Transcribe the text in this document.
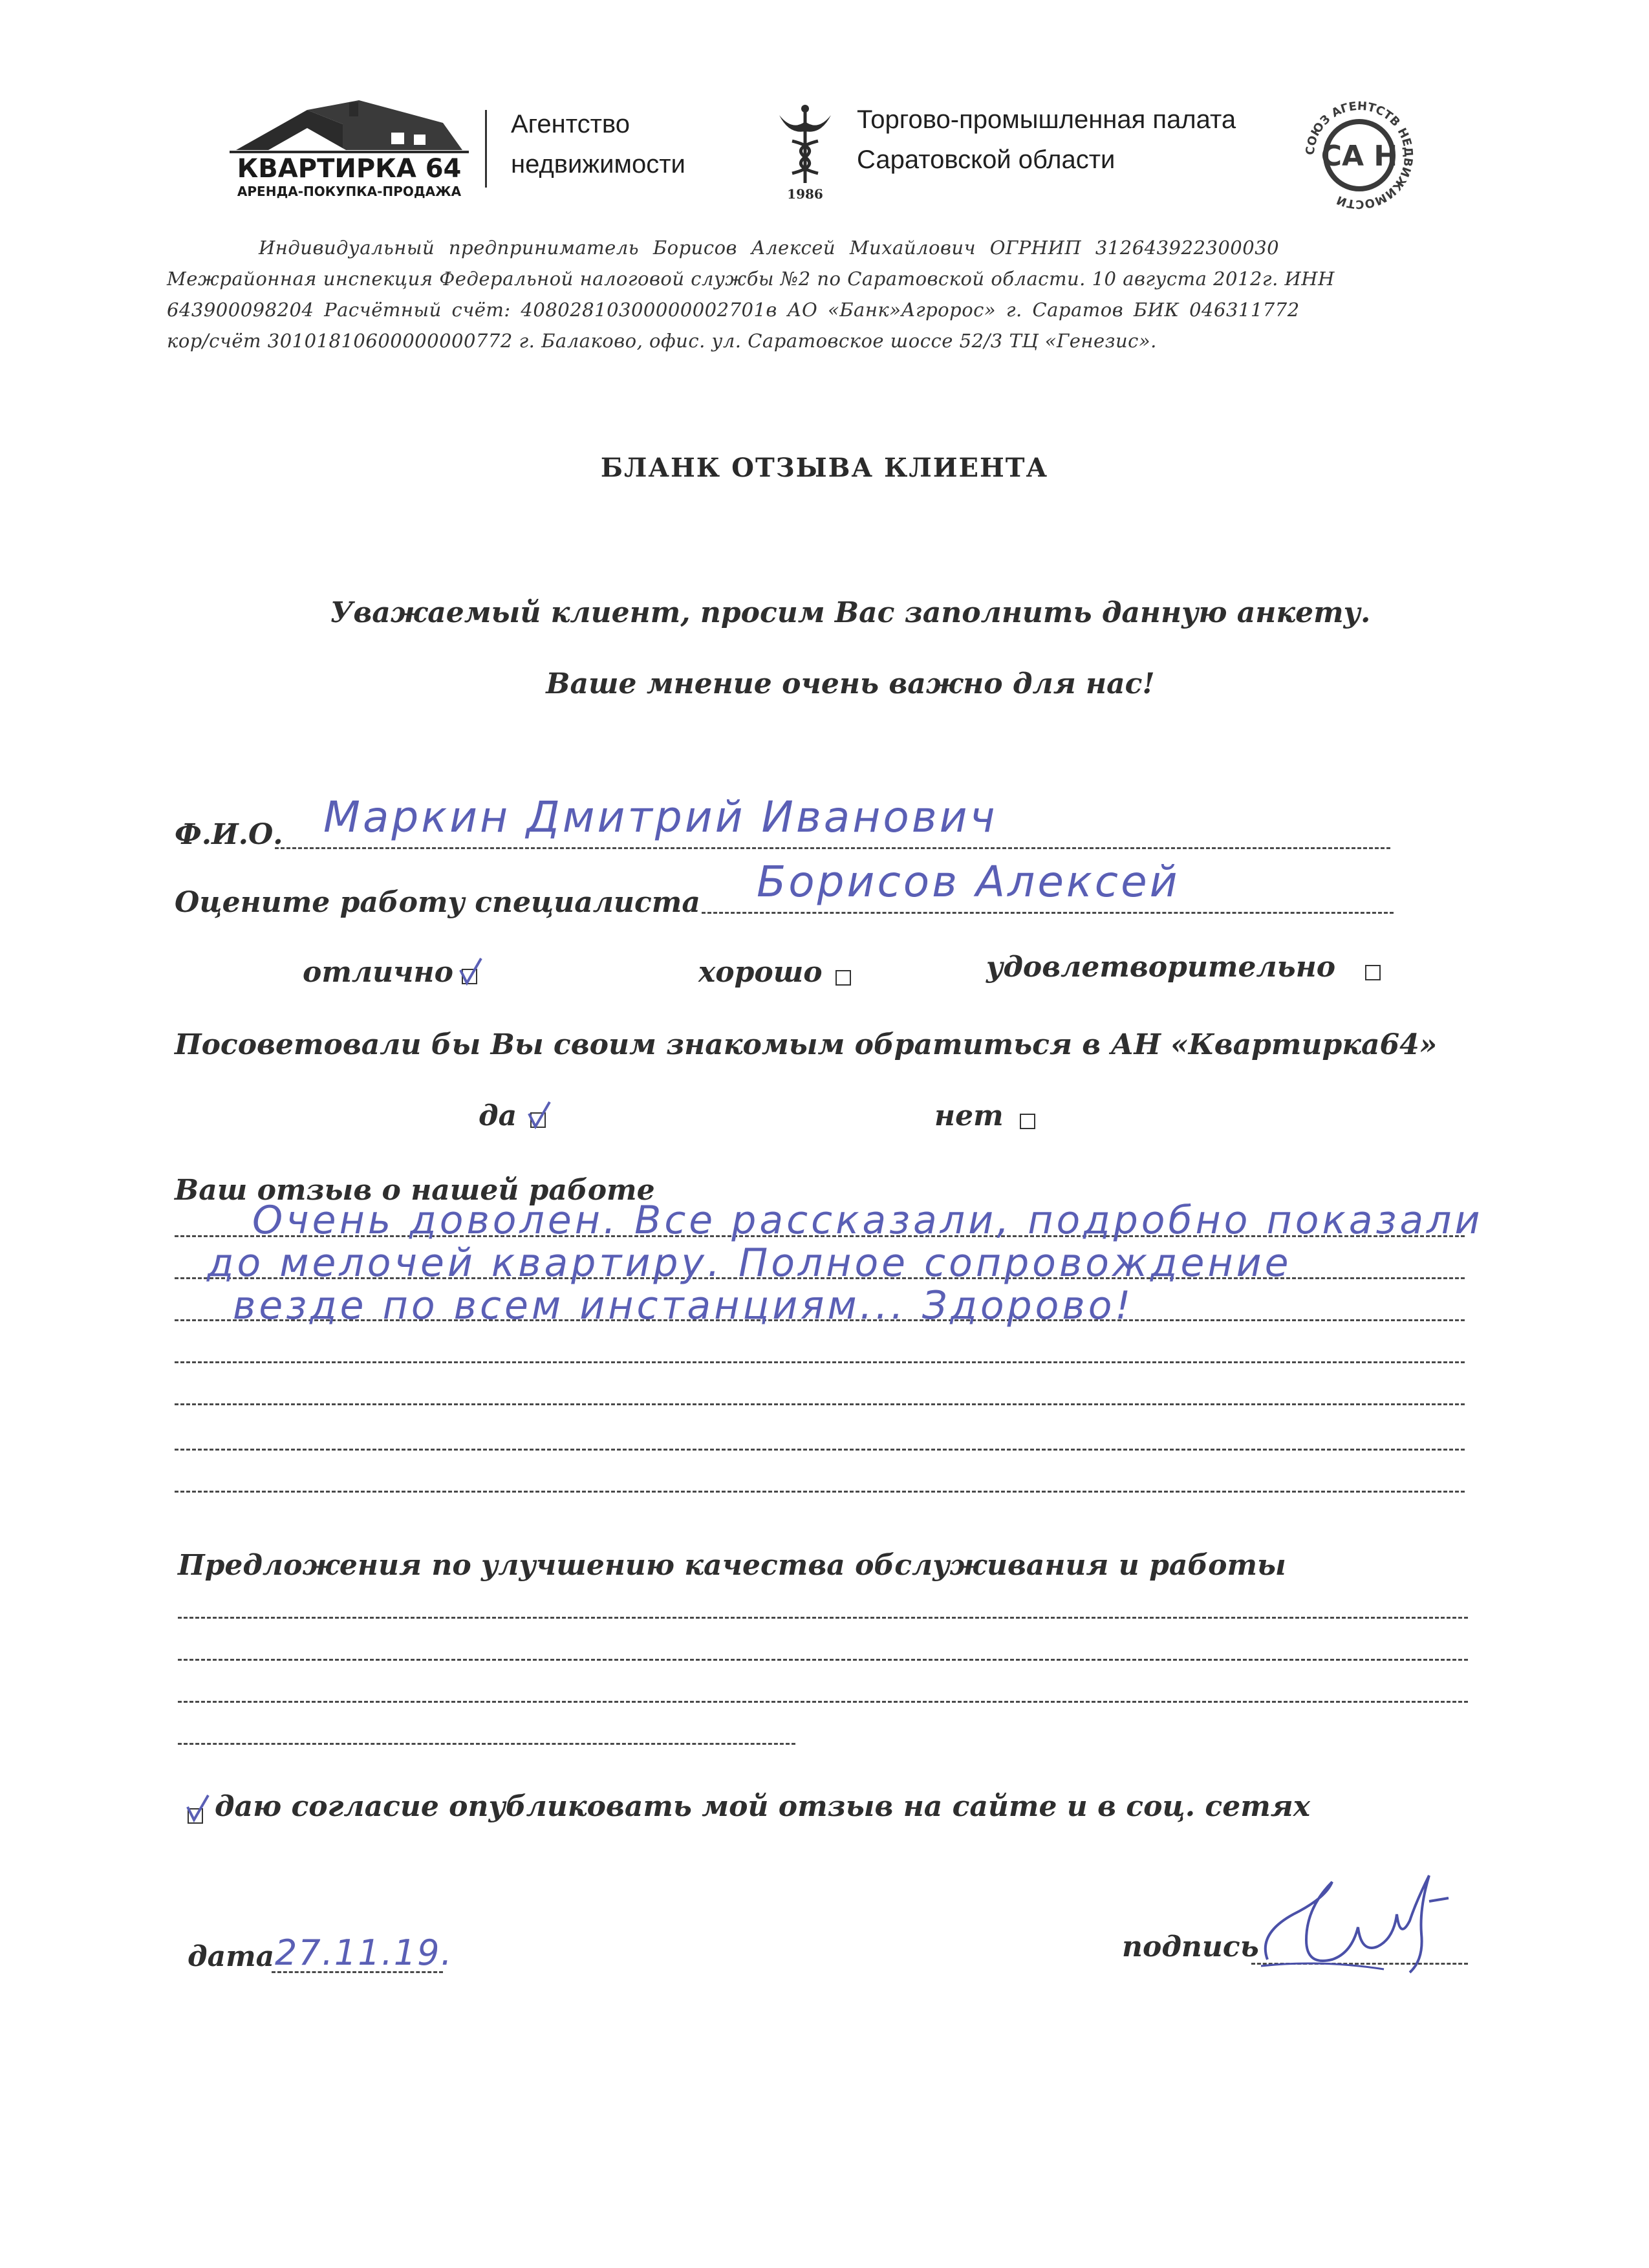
КВАРТИРКА 64
АРЕНДА-ПОКУПКА-ПРОДАЖА
Агентство
недвижимости
1986
Торгово-промышленная палата
Саратовской области	СОЮЗ АГЕНТСТВ НЕДВИЖИМОСТИ
СА Н
Индивидуальный предприниматель Борисов Алексей Михайлович ОГРНИП 312643922300030
Межрайонная инспекция Федеральной налоговой службы №2 по Саратовской области. 10 августа 2012г. ИНН
643900098204 Расчётный счёт: 40802810300000002701в АО «Банк»Агророс» г. Саратов БИК 046311772
кор/счёт 30101810600000000772 г. Балаково, офис. ул. Саратовское шоссе 52/3 ТЦ «Генезис».
БЛАНК ОТЗЫВА КЛИЕНТА
Уважаемый клиент, просим Вас заполнить данную анкету.
Ваше мнение очень важно для нас!
Ф.И.О. Маркин Дмитрий Иванович
Оцените работу специалиста Борисов Алексей
отлично	хорошо	удовлетворительно
Посоветовали бы Вы своим знакомым обратиться в АН «Квартирка64»
да	нет
Ваш отзыв о нашей работе
Очень доволен. Все рассказали, подробно показали
до мелочей квартиру. Полное сопровождение
везде по всем инстанциям... Здорово!
Предложения по улучшению качества обслуживания и работы
даю согласие опубликовать мой отзыв на сайте и в соц. сетях
дата 27.11.19.	подпись
